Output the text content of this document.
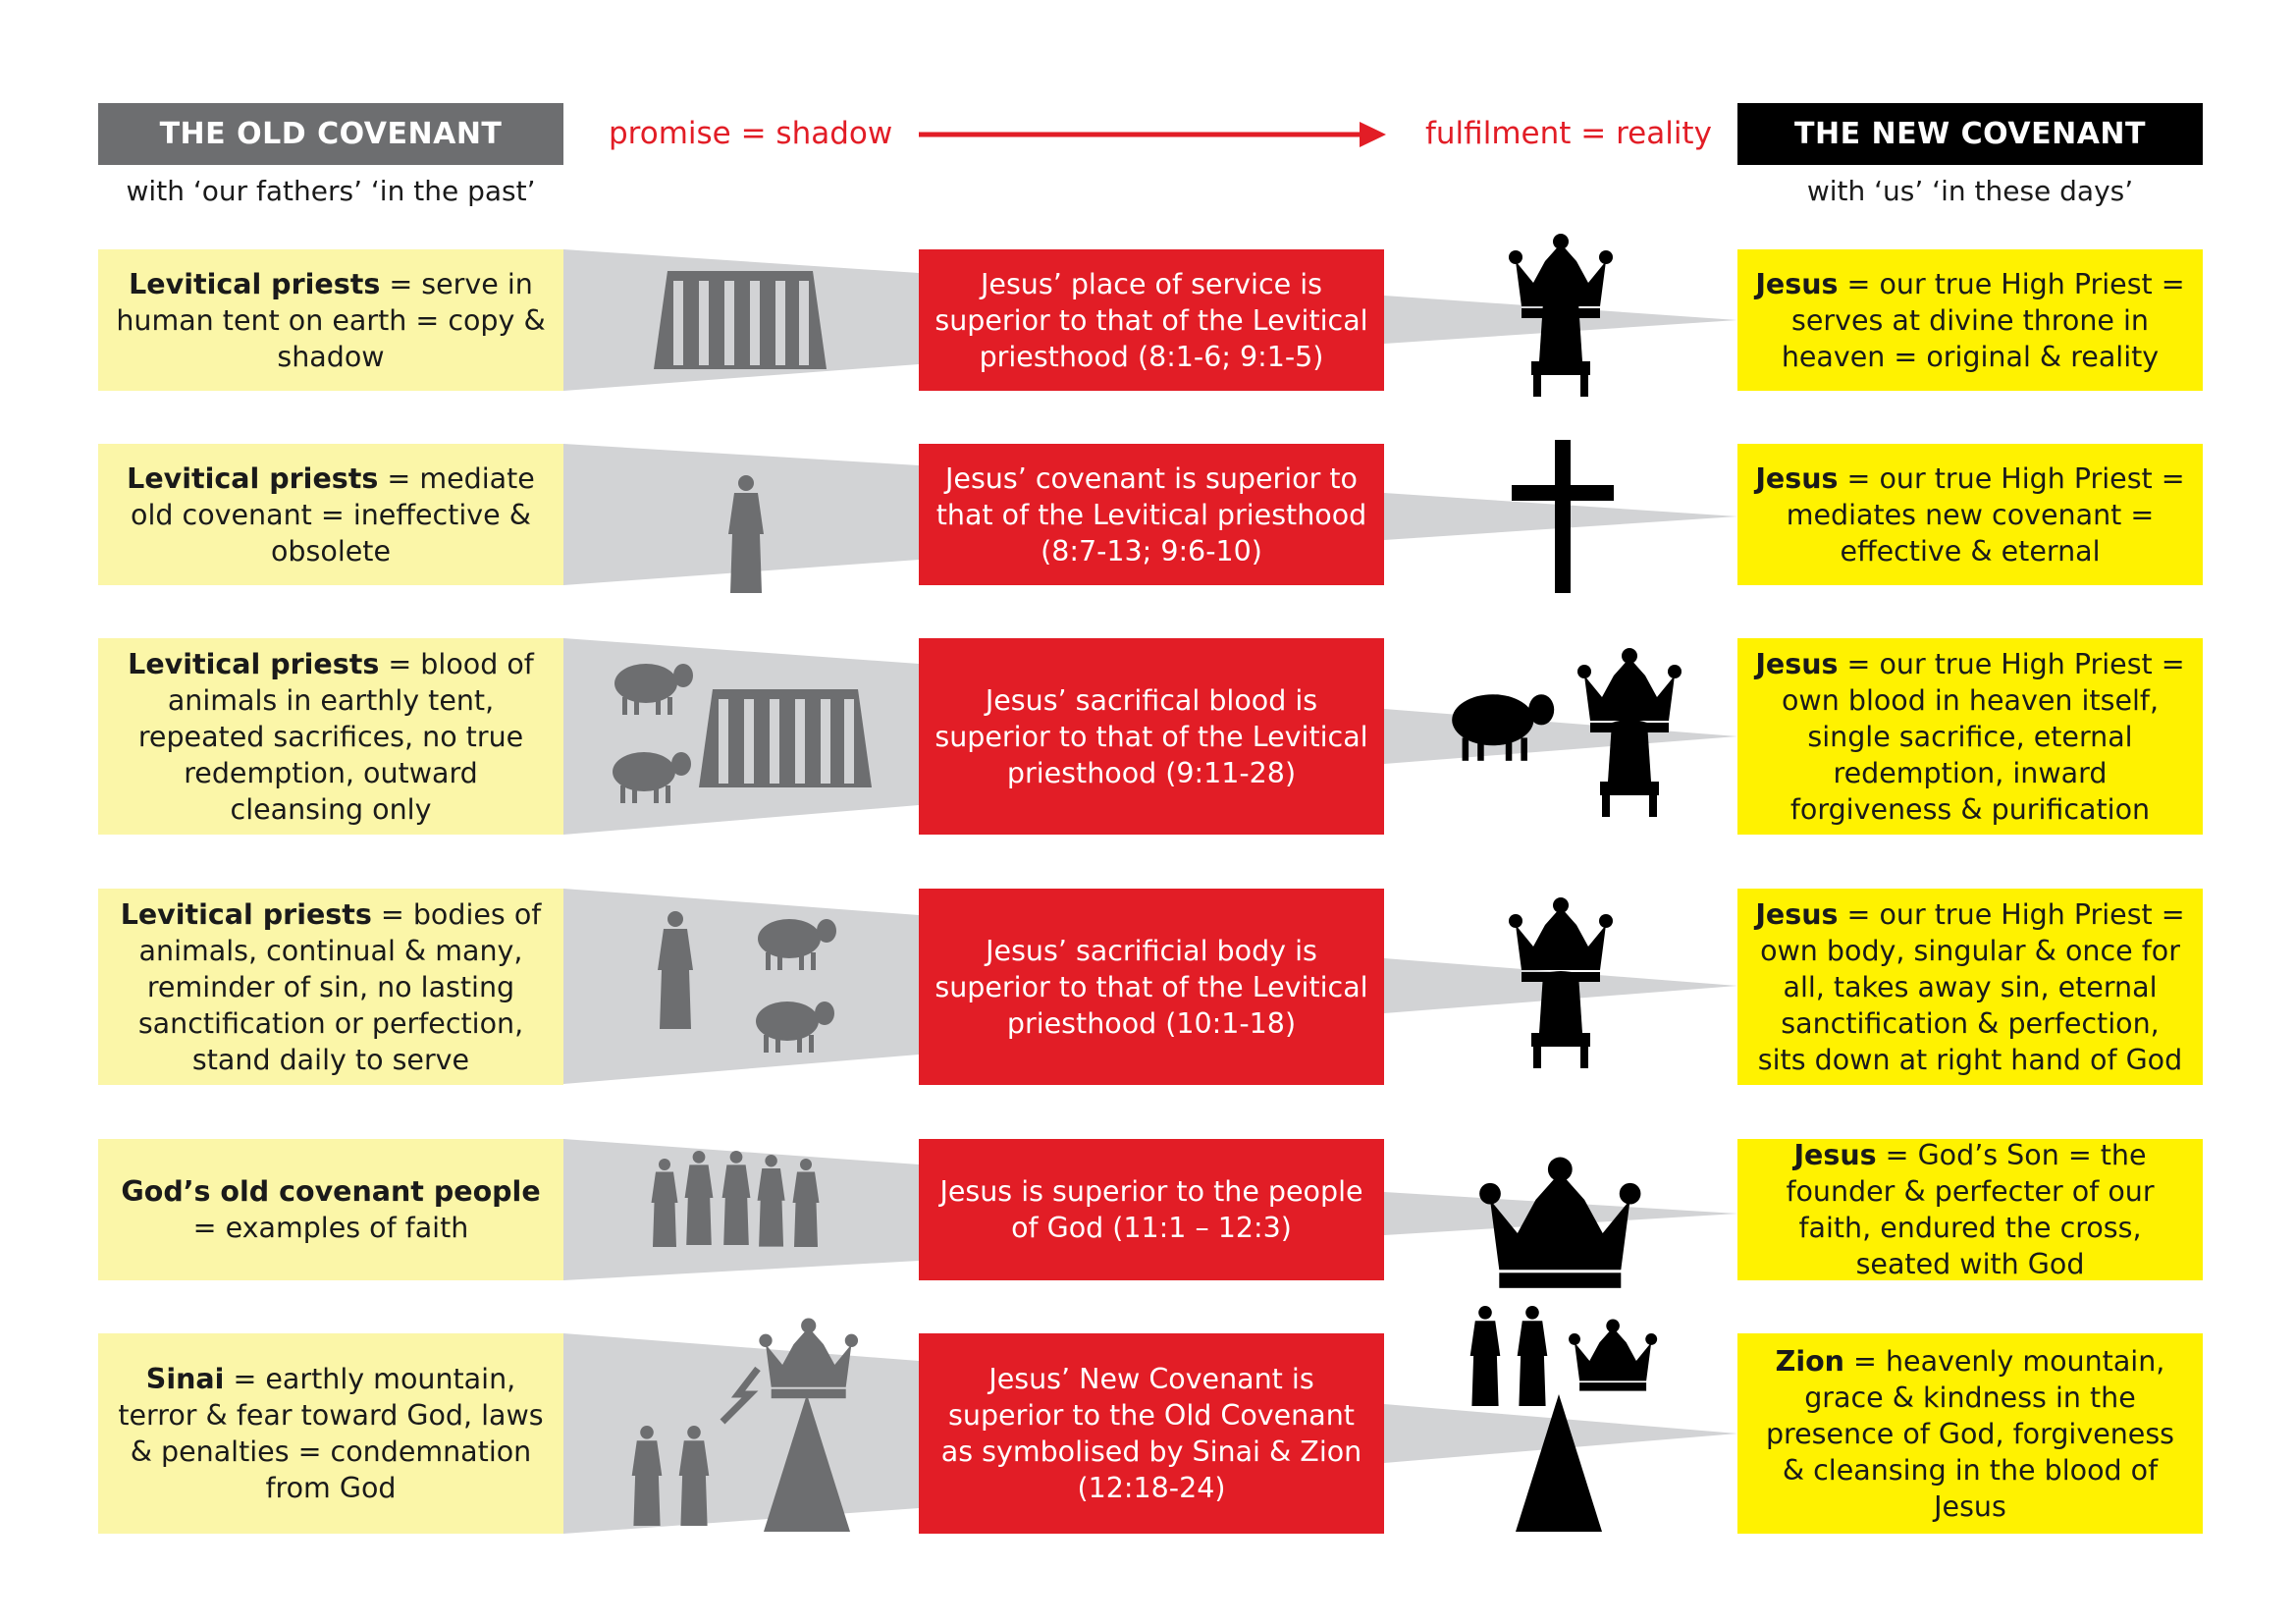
THE OLD COVENANT
with ‘our fathers’ ‘in the past’
promise = shadow	fulfilment = reality	THE NEW COVENANT
with ‘us’ ‘in these days’
Levitical priests = serve in human tent on earth = copy & shadow
Jesus’ place of service is superior to that of the Levitical priesthood (8:1-6; 9:1-5)
Jesus = our true High Priest = serves at divine throne in heaven = original & reality
Levitical priests = mediate old covenant = ineffective & obsolete
Jesus’ covenant is superior to that of the Levitical priesthood (8:7-13; 9:6-10)
Jesus = our true High Priest = mediates new covenant = effective & eternal
Levitical priests = blood of animals in earthly tent, repeated sacrifices, no true redemption, outward cleansing only
Jesus’ sacrifical blood is superior to that of the Levitical priesthood (9:11-28)
Jesus = our true High Priest = own blood in heaven itself, single sacrifice, eternal redemption, inward forgiveness & purification
Levitical priests = bodies of animals, continual & many, reminder of sin, no lasting sanctification or perfection, stand daily to serve
Jesus’ sacrificial body is superior to that of the Levitical priesthood (10:1-18)
Jesus = our true High Priest = own body, singular & once for all, takes away sin, eternal sanctification & perfection, sits down at right hand of God
God’s old covenant people = examples of faith
Jesus is superior to the people of God (11:1 – 12:3)
Jesus = God’s Son = the founder & perfecter of our faith, endured the cross, seated with God
Sinai = earthly mountain, terror & fear toward God, laws & penalties = condemnation from God
Jesus’ New Covenant is superior to the Old Covenant as symbolised by Sinai & Zion (12:18-24)
Zion = heavenly mountain, grace & kindness in the presence of God, forgiveness & cleansing in the blood of Jesus
